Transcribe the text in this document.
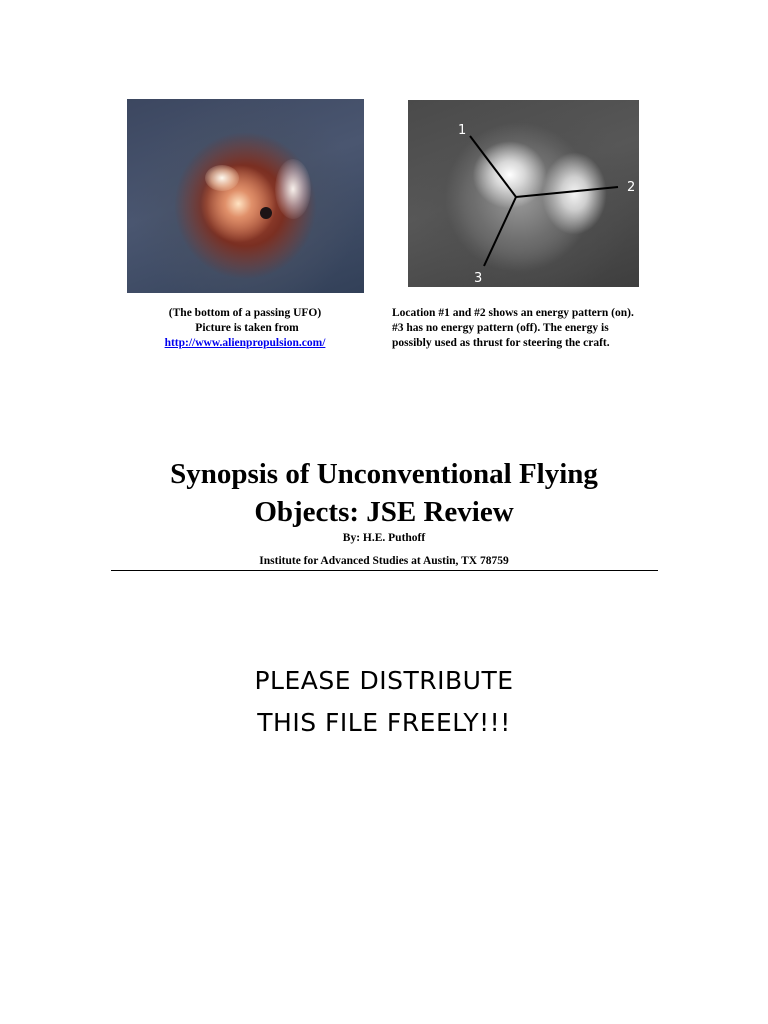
1
2
3
(The bottom of a passing UFO)
Picture is taken from
http://www.alienpropulsion.com/
Location #1 and #2 shows an energy pattern (on).
#3 has no energy pattern (off). The energy is
possibly used as thrust for steering the craft.
Synopsis of Unconventional Flying
Objects: JSE Review
By: H.E. Puthoff
Institute for Advanced Studies at Austin, TX 78759
PLEASE DISTRIBUTE
THIS FILE FREELY!!!
